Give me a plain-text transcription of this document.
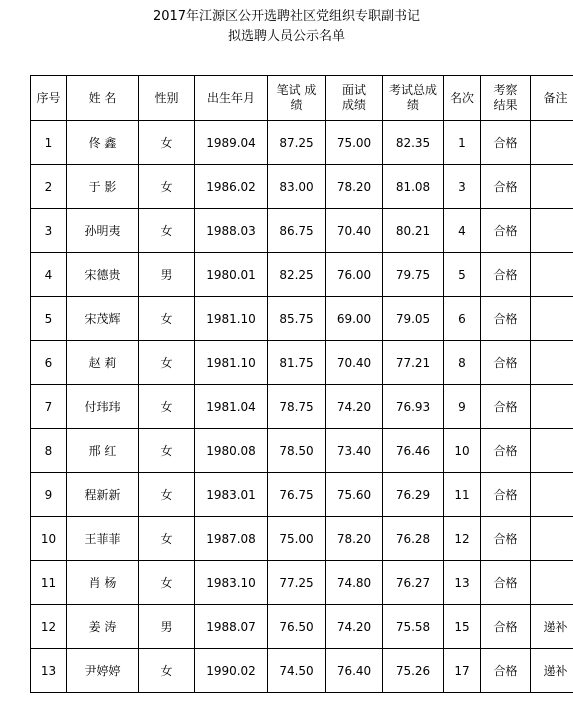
2017年江源区公开选聘社区党组织专职副书记

拟选聘人员公示名单

序号	姓 名	性别	出生年月	笔试 成绩	面试 成绩	考试总成 绩	名次	考察 结果	备注
1	佟 鑫	女	1989.04	87.25	75.00	82.35	1	合格	
2	于 影	女	1986.02	83.00	78.20	81.08	3	合格	
3	孙明夷	女	1988.03	86.75	70.40	80.21	4	合格	
4	宋德贵	男	1980.01	82.25	76.00	79.75	5	合格	
5	宋茂辉	女	1981.10	85.75	69.00	79.05	6	合格	
6	赵 莉	女	1981.10	81.75	70.40	77.21	8	合格	
7	付玮玮	女	1981.04	78.75	74.20	76.93	9	合格	
8	邢 红	女	1980.08	78.50	73.40	76.46	10	合格	
9	程新新	女	1983.01	76.75	75.60	76.29	11	合格	
10	王菲菲	女	1987.08	75.00	78.20	76.28	12	合格	
11	肖 杨	女	1983.10	77.25	74.80	76.27	13	合格	
12	姜 涛	男	1988.07	76.50	74.20	75.58	15	合格	递补
13	尹婷婷	女	1990.02	74.50	76.40	75.26	17	合格	递补
